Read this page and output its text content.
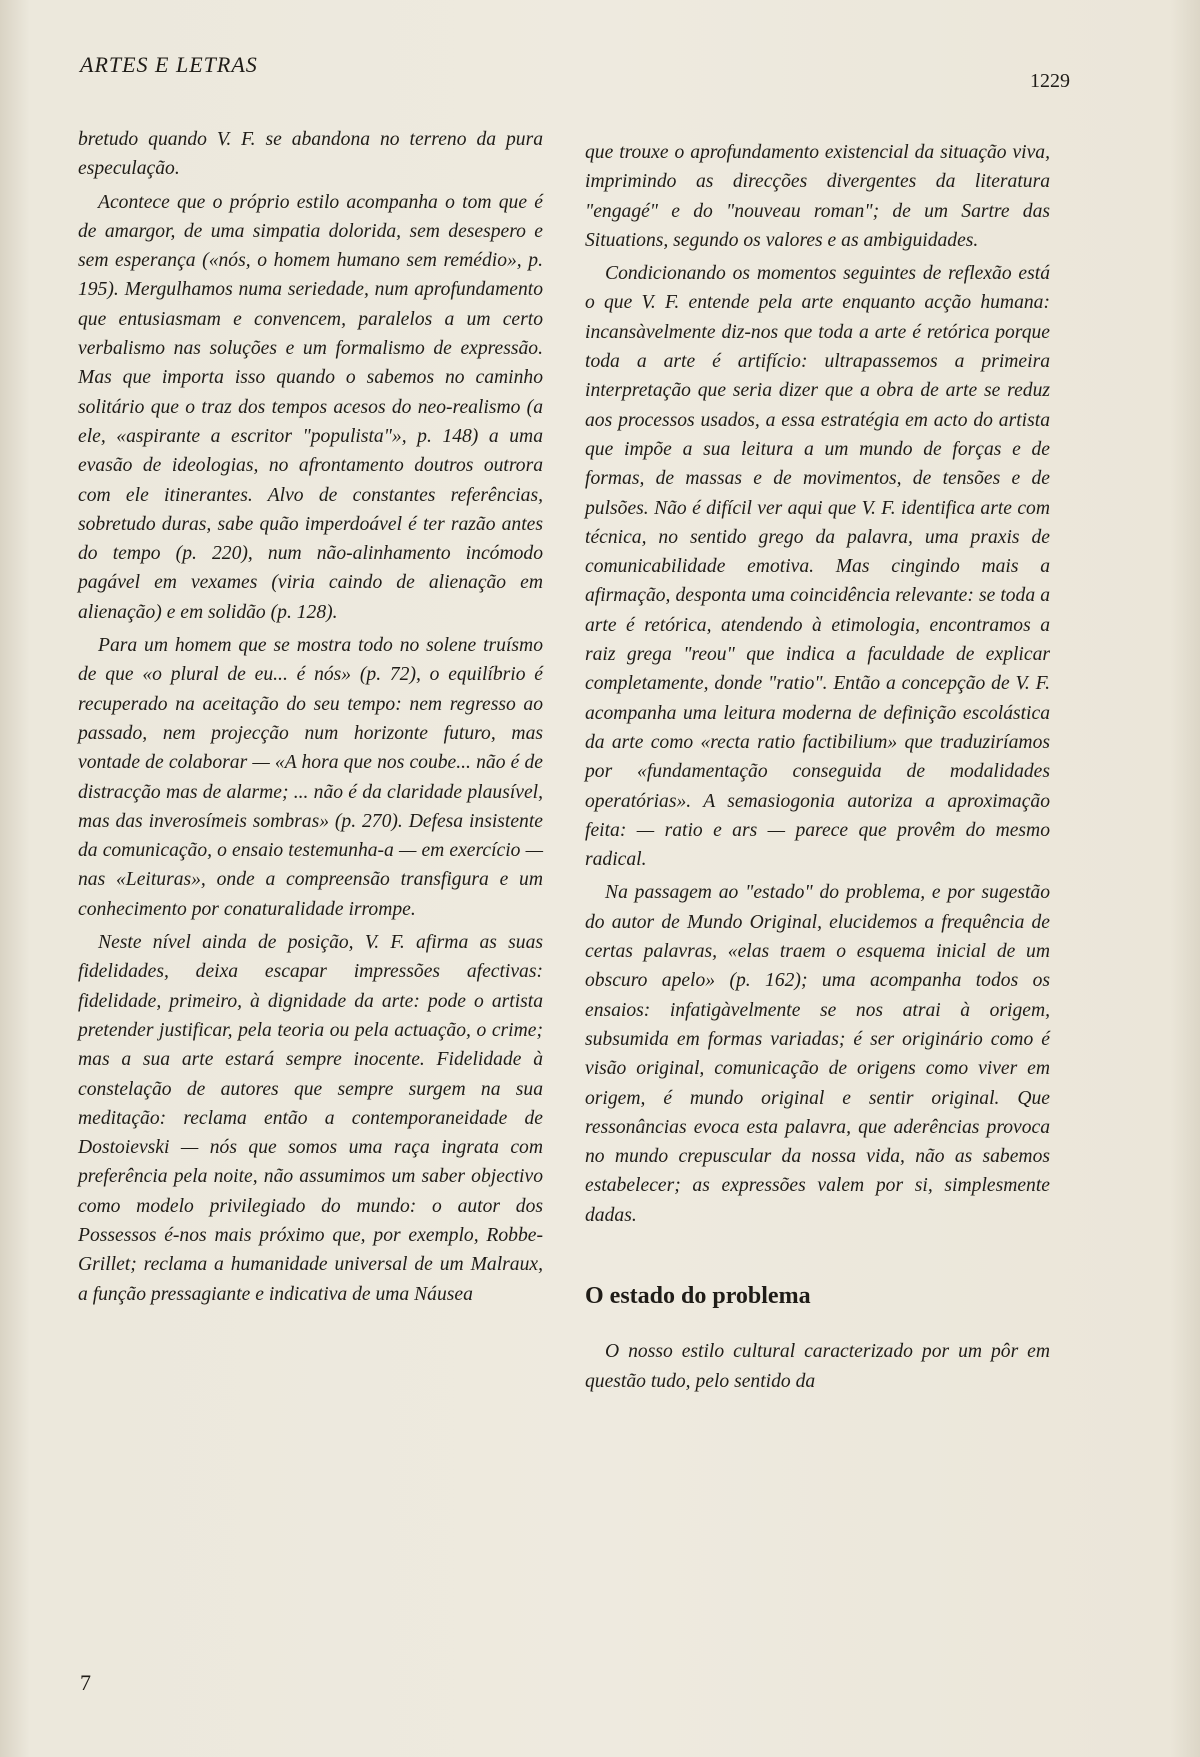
ARTES E LETRAS
1229

bretudo quando V. F. se abandona no terreno da pura especulação.

Acontece que o próprio estilo acompanha o tom que é de amargor, de uma simpatia dolorida, sem desespero e sem esperança («nós, o homem humano sem remédio», p. 195). Mergulhamos numa seriedade, num aprofundamento que entusiasmam e convencem, paralelos a um certo verbalismo nas soluções e um formalismo de expressão. Mas que importa isso quando o sabemos no caminho solitário que o traz dos tempos acesos do neo-realismo (a ele, «aspirante a escritor "populista"», p. 148) a uma evasão de ideologias, no afrontamento doutros outrora com ele itinerantes. Alvo de constantes referências, sobretudo duras, sabe quão imperdoável é ter razão antes do tempo (p. 220), num não-alinhamento incómodo pagável em vexames (viria caindo de alienação em alienação) e em solidão (p. 128).

Para um homem que se mostra todo no solene truísmo de que «o plural de eu... é nós» (p. 72), o equilíbrio é recuperado na aceitação do seu tempo: nem regresso ao passado, nem projecção num horizonte futuro, mas vontade de colaborar — «A hora que nos coube... não é de distracção mas de alarme; ... não é da claridade plausível, mas das inverosímeis sombras» (p. 270). Defesa insistente da comunicação, o ensaio testemunha-a — em exercício — nas «Leituras», onde a compreensão transfigura e um conhecimento por conaturalidade irrompe.

Neste nível ainda de posição, V. F. afirma as suas fidelidades, deixa escapar impressões afectivas: fidelidade, primeiro, à dignidade da arte: pode o artista pretender justificar, pela teoria ou pela actuação, o crime; mas a sua arte estará sempre inocente. Fidelidade à constelação de autores que sempre surgem na sua meditação: reclama então a contemporaneidade de Dostoievski — nós que somos uma raça ingrata com preferência pela noite, não assumimos um saber objectivo como modelo privilegiado do mundo: o autor dos Possessos é-nos mais próximo que, por exemplo, Robbe-Grillet; reclama a humanidade universal de um Malraux, a função pressagiante e indicativa de uma Náusea

que trouxe o aprofundamento existencial da situação viva, imprimindo as direcções divergentes da literatura "engagé" e do "nouveau roman"; de um Sartre das Situations, segundo os valores e as ambiguidades.

Condicionando os momentos seguintes de reflexão está o que V. F. entende pela arte enquanto acção humana: incansàvelmente diz-nos que toda a arte é retórica porque toda a arte é artifício: ultrapassemos a primeira interpretação que seria dizer que a obra de arte se reduz aos processos usados, a essa estratégia em acto do artista que impõe a sua leitura a um mundo de forças e de formas, de massas e de movimentos, de tensões e de pulsões. Não é difícil ver aqui que V. F. identifica arte com técnica, no sentido grego da palavra, uma praxis de comunicabilidade emotiva. Mas cingindo mais a afirmação, desponta uma coincidência relevante: se toda a arte é retórica, atendendo à etimologia, encontramos a raiz grega "reou" que indica a faculdade de explicar completamente, donde "ratio". Então a concepção de V. F. acompanha uma leitura moderna de definição escolástica da arte como «recta ratio factibilium» que traduziríamos por «fundamentação conseguida de modalidades operatórias». A semasiogonia autoriza a aproximação feita: — ratio e ars — parece que provêm do mesmo radical.

Na passagem ao "estado" do problema, e por sugestão do autor de Mundo Original, elucidemos a frequência de certas palavras, «elas traem o esquema inicial de um obscuro apelo» (p. 162); uma acompanha todos os ensaios: infatigàvelmente se nos atrai à origem, subsumida em formas variadas; é ser originário como é visão original, comunicação de origens como viver em origem, é mundo original e sentir original. Que ressonâncias evoca esta palavra, que aderências provoca no mundo crepuscular da nossa vida, não as sabemos estabelecer; as expressões valem por si, simplesmente dadas.

O estado do problema

O nosso estilo cultural caracterizado por um pôr em questão tudo, pelo sentido da

7
